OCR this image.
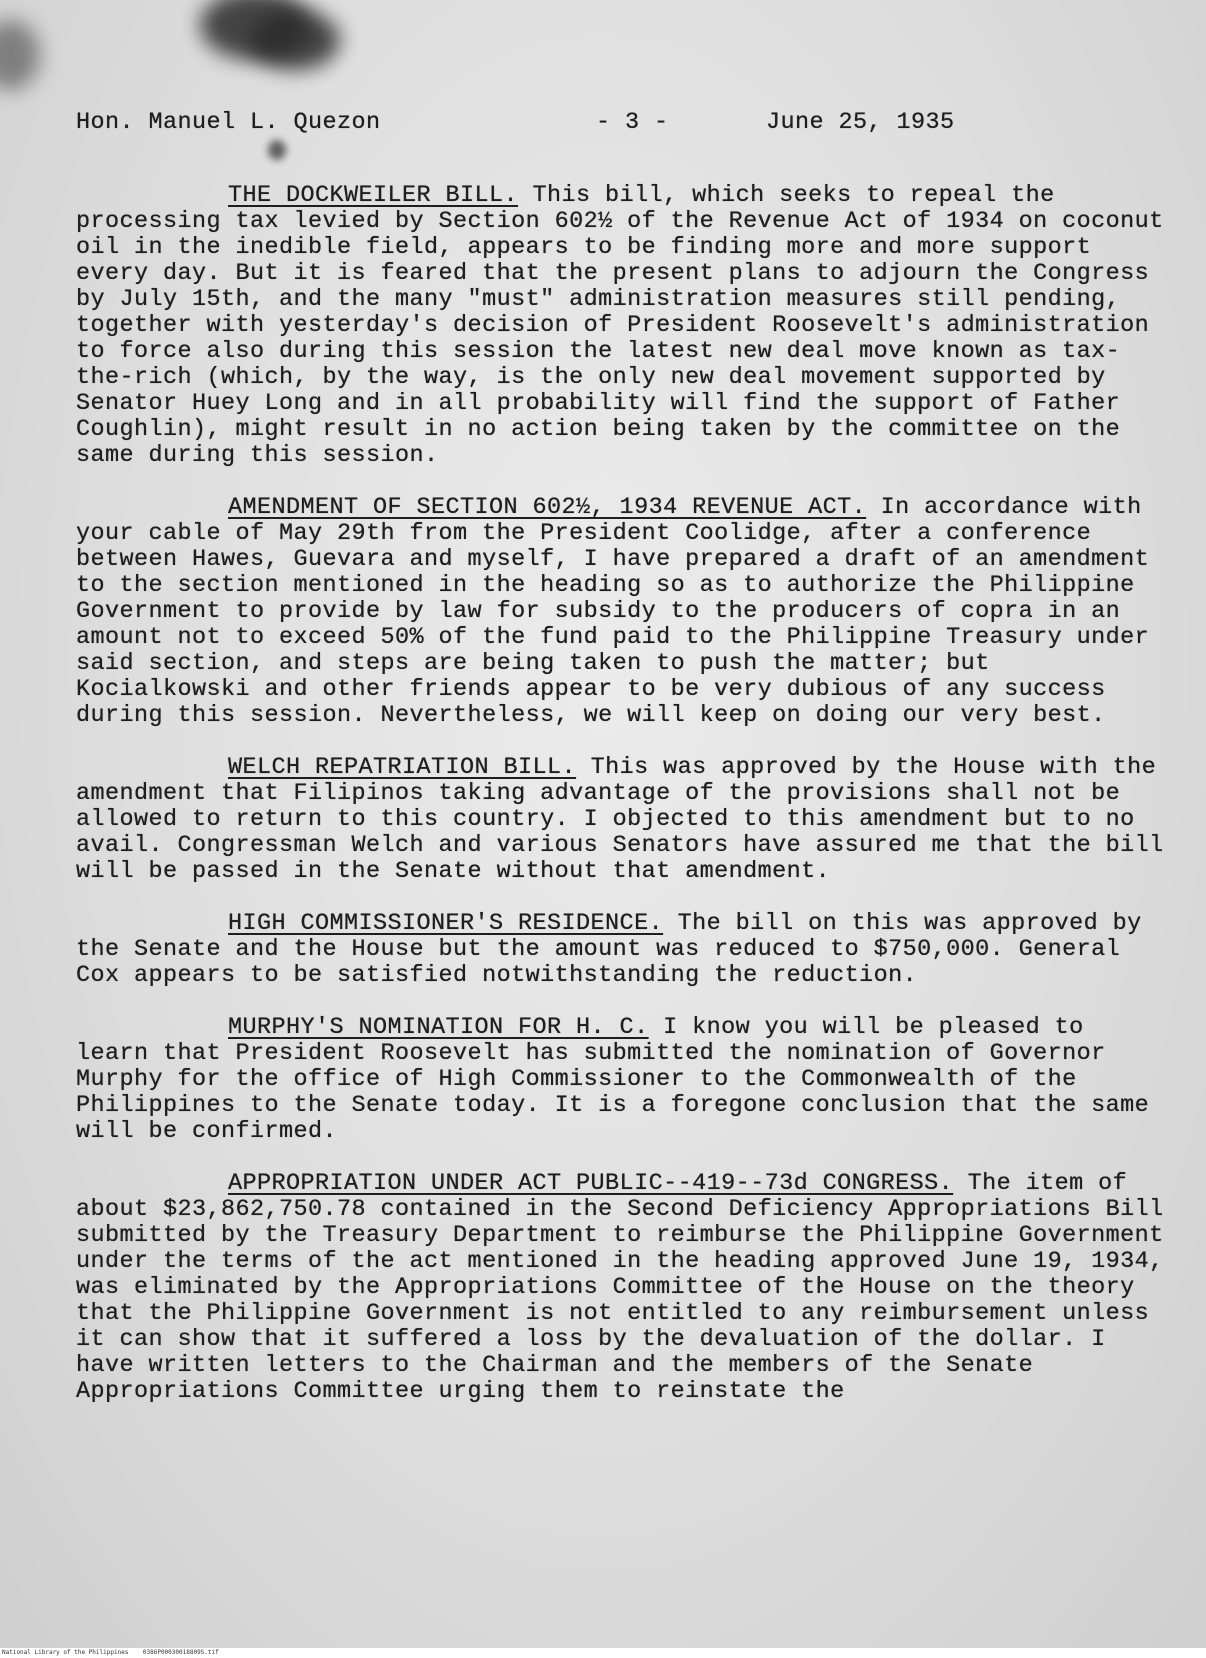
Hon. Manuel L. Quezon	- 3 -	June 25, 1935

THE DOCKWEILER BILL. This bill, which seeks to repeal the processing tax levied by Section 602½ of the Revenue Act of 1934 on coconut oil in the inedible field, appears to be finding more and more support every day. But it is feared that the present plans to adjourn the Congress by July 15th, and the many "must" administration measures still pending, together with yesterday's decision of President Roosevelt's administration to force also during this session the latest new deal move known as tax-the-rich (which, by the way, is the only new deal movement supported by Senator Huey Long and in all probability will find the support of Father Coughlin), might result in no action being taken by the committee on the same during this session.

AMENDMENT OF SECTION 602½, 1934 REVENUE ACT. In accordance with your cable of May 29th from the President Coolidge, after a conference between Hawes, Guevara and myself, I have prepared a draft of an amendment to the section mentioned in the heading so as to authorize the Philippine Government to provide by law for subsidy to the producers of copra in an amount not to exceed 50% of the fund paid to the Philippine Treasury under said section, and steps are being taken to push the matter; but Kocialkowski and other friends appear to be very dubious of any success during this session. Nevertheless, we will keep on doing our very best.

WELCH REPATRIATION BILL. This was approved by the House with the amendment that Filipinos taking advantage of the provisions shall not be allowed to return to this country. I objected to this amendment but to no avail. Congressman Welch and various Senators have assured me that the bill will be passed in the Senate without that amendment.

HIGH COMMISSIONER'S RESIDENCE. The bill on this was approved by the Senate and the House but the amount was reduced to $750,000. General Cox appears to be satisfied notwithstanding the reduction.

MURPHY'S NOMINATION FOR H. C. I know you will be pleased to learn that President Roosevelt has submitted the nomination of Governor Murphy for the office of High Commissioner to the Commonwealth of the Philippines to the Senate today. It is a foregone conclusion that the same will be confirmed.

APPROPRIATION UNDER ACT PUBLIC--419--73d CONGRESS. The item of about $23,862,750.78 contained in the Second Deficiency Appropriations Bill submitted by the Treasury Department to reimburse the Philippine Government under the terms of the act mentioned in the heading approved June 19, 1934, was eliminated by the Appropriations Committee of the House on the theory that the Philippine Government is not entitled to any reimbursement unless it can show that it suffered a loss by the devaluation of the dollar. I have written letters to the Chairman and the members of the Senate Appropriations Committee urging them to reinstate the

National Library of the Philippines    0386P00030018809S.tif
